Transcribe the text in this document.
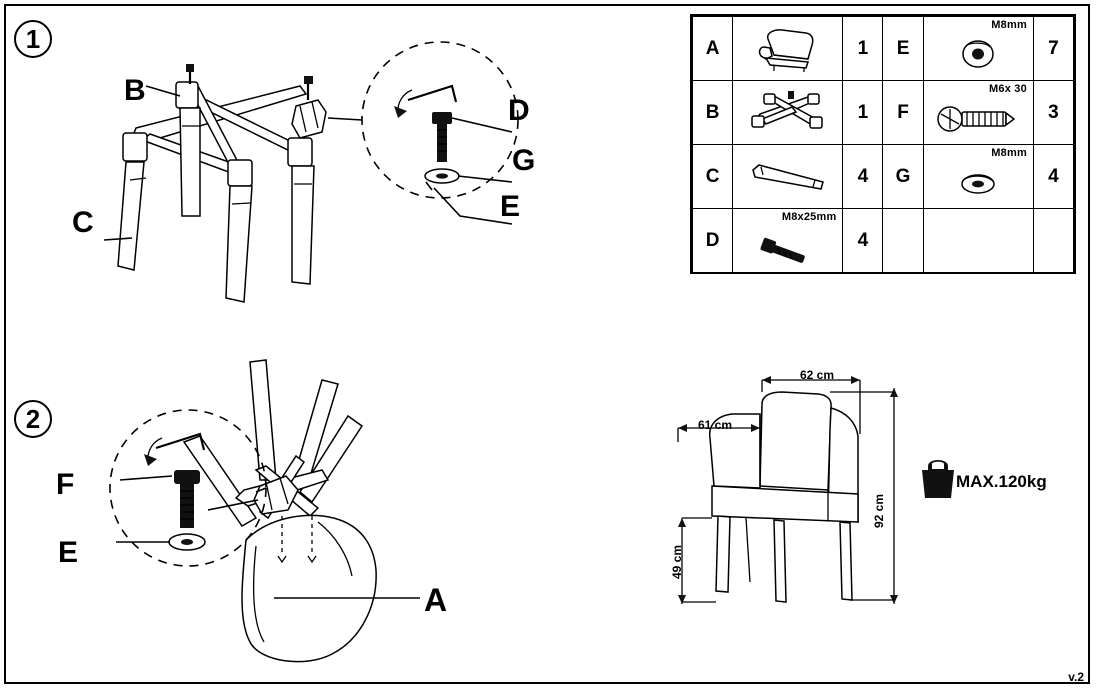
1
B
C
D
G
E
2
F
E
A
A		1	E	M8mm	7
B		1	F	M6x 30	3
C		4	G	M8mm	4
D	M8x25mm	4			
62 cm
61 cm
92 cm
49 cm
MAX.120kg
v.2
